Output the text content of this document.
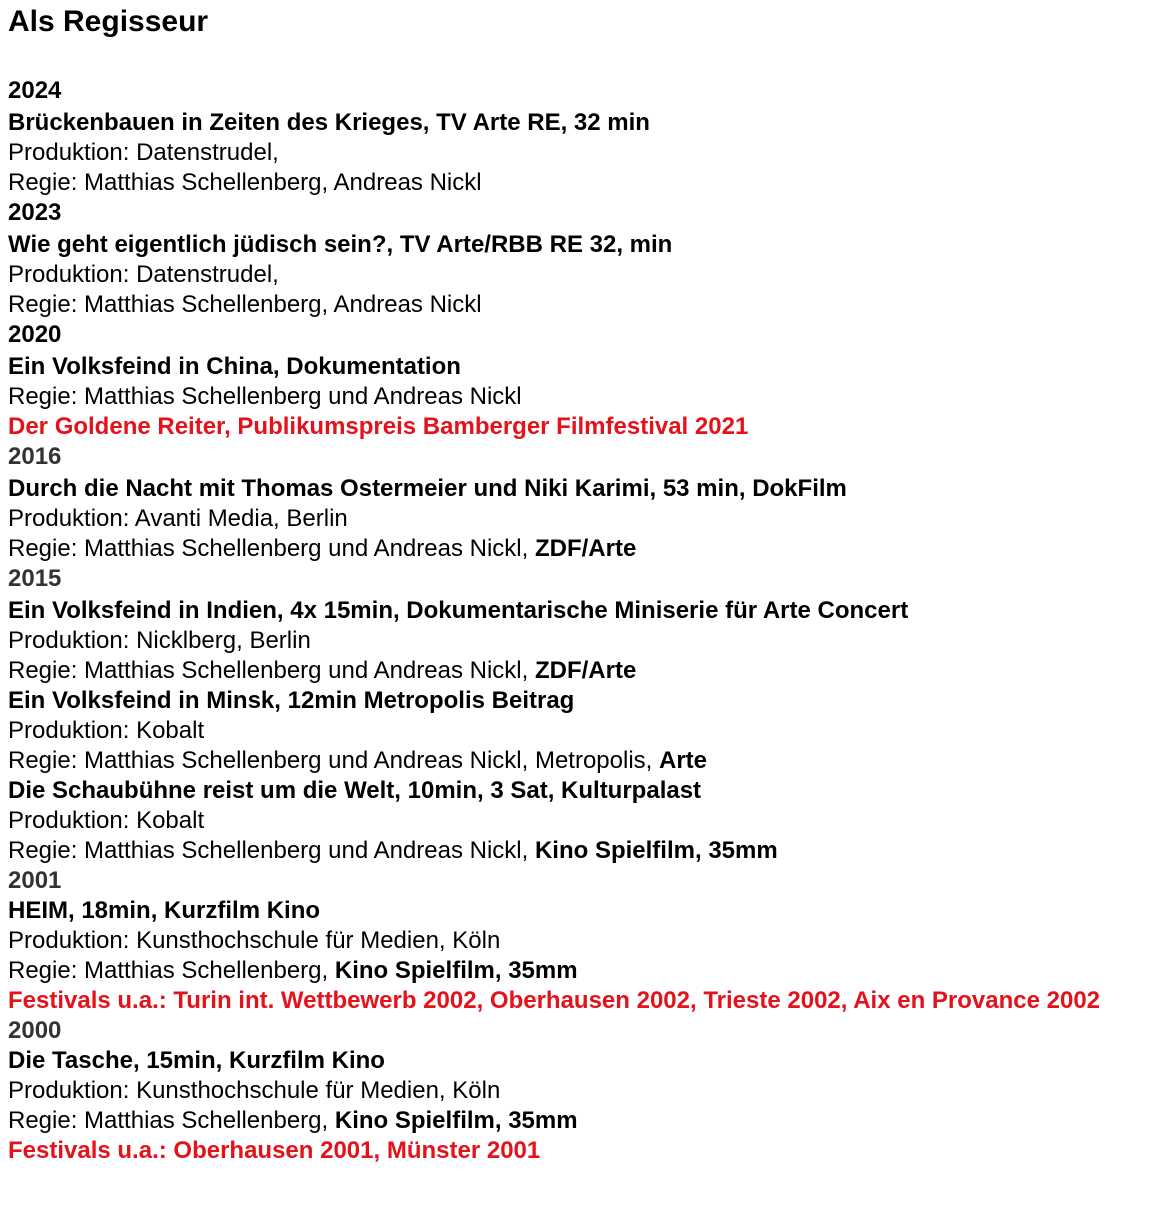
Als Regisseur
2024
Brückenbauen in Zeiten des Krieges, TV Arte RE, 32 min
Produktion: Datenstrudel,
Regie: Matthias Schellenberg, Andreas Nickl
2023
Wie geht eigentlich jüdisch sein?, TV Arte/RBB RE 32, min
Produktion: Datenstrudel,
Regie: Matthias Schellenberg, Andreas Nickl
2020
Ein Volksfeind in China, Dokumentation
Regie: Matthias Schellenberg und Andreas Nickl
Der Goldene Reiter, Publikumspreis Bamberger Filmfestival 2021
2016
Durch die Nacht mit Thomas Ostermeier und Niki Karimi, 53 min, DokFilm
Produktion: Avanti Media, Berlin
Regie: Matthias Schellenberg und Andreas Nickl, ZDF/Arte
2015
Ein Volksfeind in Indien, 4x 15min, Dokumentarische Miniserie für Arte Concert
Produktion: Nicklberg, Berlin
Regie: Matthias Schellenberg und Andreas Nickl, ZDF/Arte
Ein Volksfeind in Minsk, 12min Metropolis Beitrag
Produktion: Kobalt
Regie: Matthias Schellenberg und Andreas Nickl, Metropolis, Arte
Die Schaubühne reist um die Welt, 10min, 3 Sat, Kulturpalast
Produktion: Kobalt
Regie: Matthias Schellenberg und Andreas Nickl, Kino Spielfilm, 35mm
2001
HEIM, 18min, Kurzfilm Kino
Produktion: Kunsthochschule für Medien, Köln
Regie: Matthias Schellenberg, Kino Spielfilm, 35mm
Festivals u.a.: Turin int. Wettbewerb 2002, Oberhausen 2002, Trieste 2002, Aix en Provance 2002
2000
Die Tasche, 15min, Kurzfilm Kino
Produktion: Kunsthochschule für Medien, Köln
Regie: Matthias Schellenberg, Kino Spielfilm, 35mm
Festivals u.a.: Oberhausen 2001, Münster 2001
